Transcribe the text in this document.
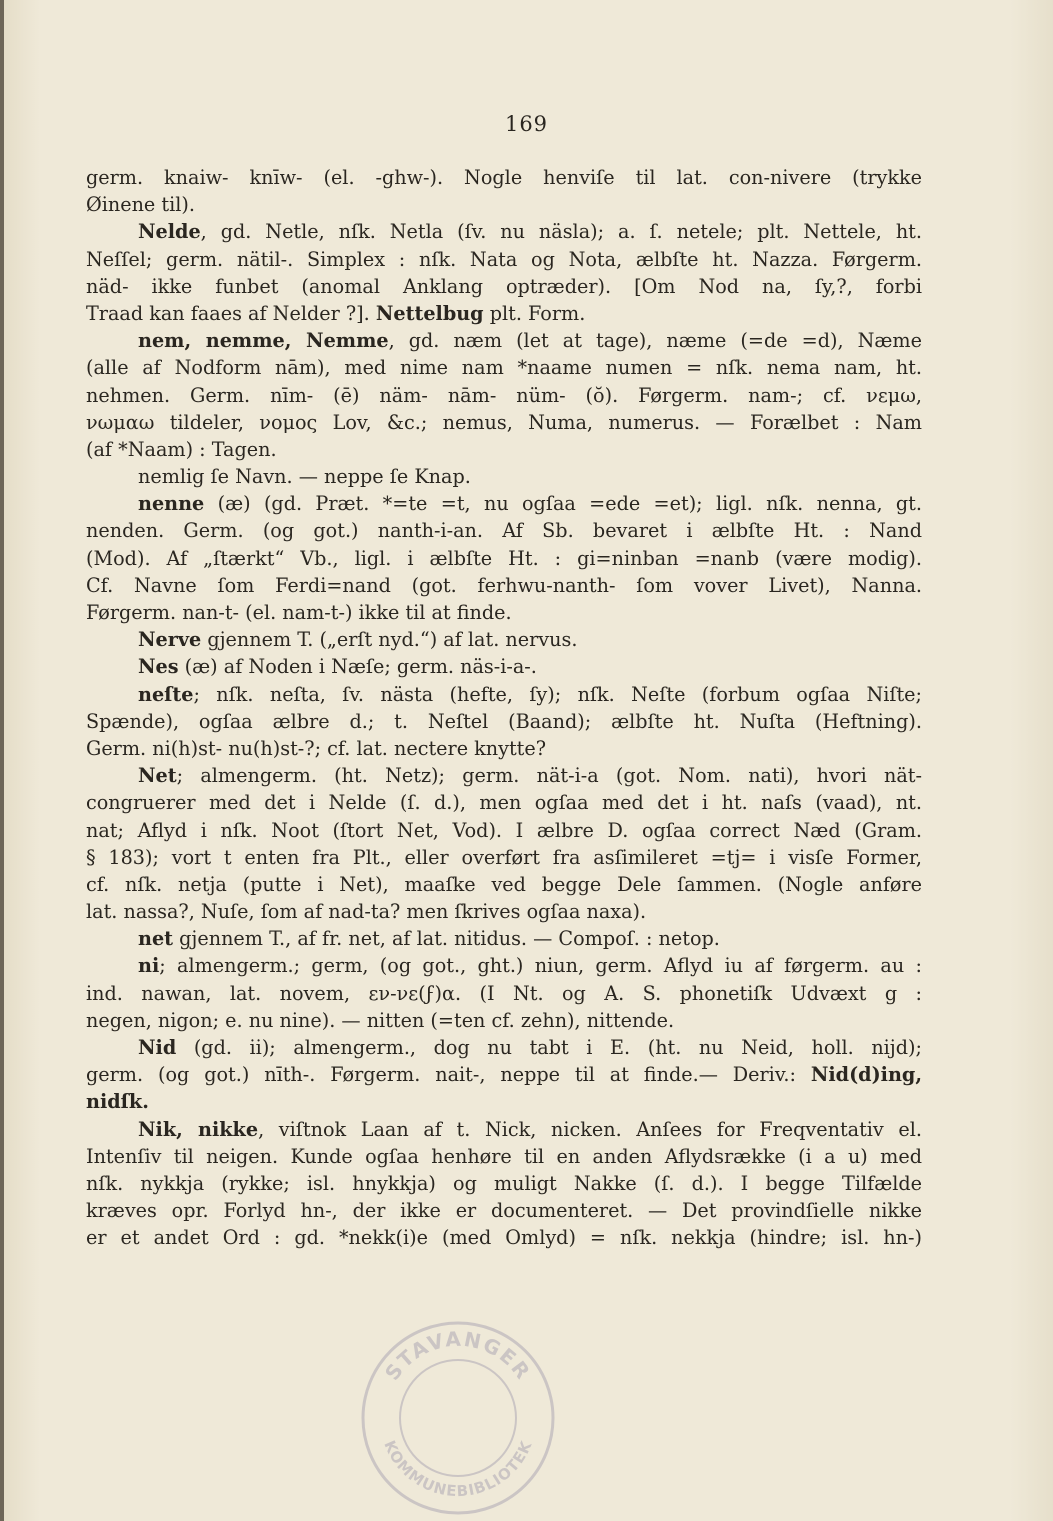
169
germ. knaiw- knīw- (el. -ghw-). Nogle henviſe til lat. con-nivere (trykke
Øinene til).
Nelde, gd. Netle, nſk. Netla (ſv. nu näsla); a. ſ. netele; plt. Nettele, ht.
Neſſel; germ. nätil-. Simplex : nſk. Nata og Nota, ælbſte ht. Nazza. Førgerm.
näd- ikke funbet (anomal Anklang optræder). [Om Nod na, ſy,?, forbi
Traad kan faaes af Nelder ?]. Nettelbug plt. Form.
nem, nemme, Nemme, gd. næm (let at tage), næme (=de =d), Næme
(alle af Nodform nām), med nime nam *naame numen = nſk. nema nam, ht.
nehmen. Germ. nīm- (ē) näm- nām- nüm- (ŏ). Førgerm. nam-; cf. νεμω,
νωμαω tildeler, νομος Lov, &c.; nemus, Numa, numerus. — Forælbet : Nam
(af *Naam) : Tagen.
nemlig ſe Navn. — neppe ſe Knap.
nenne (æ) (gd. Præt. *=te =t, nu ogſaa =ede =et); ligl. nſk. nenna, gt.
nenden. Germ. (og got.) nanth-i-an. Af Sb. bevaret i ælbſte Ht. : Nand
(Mod). Af „ſtærkt“ Vb., ligl. i ælbſte Ht. : gi=ninban =nanb (være modig).
Cf. Navne ſom Ferdi=nand (got. ferhwu-nanth- ſom vover Livet), Nanna.
Førgerm. nan-t- (el. nam-t-) ikke til at finde.
Nerve gjennem T. („erſt nyd.“) af lat. nervus.
Nes (æ) af Noden i Næſe; germ. näs-i-a-.
neſte; nſk. neſta, ſv. nästa (hefte, ſy); nſk. Neſte (forbum ogſaa Niſte;
Spænde), ogſaa ælbre d.; t. Neſtel (Baand); ælbſte ht. Nuſta (Heftning).
Germ. ni(h)st- nu(h)st-?; cf. lat. nectere knytte?
Net; almengerm. (ht. Netz); germ. nät-i-a (got. Nom. nati), hvori nät-
congruerer med det i Nelde (ſ. d.), men ogſaa med det i ht. naſs (vaad), nt.
nat; Aflyd i nſk. Noot (ſtort Net, Vod). I ælbre D. ogſaa correct Næd (Gram.
§ 183); vort t enten fra Plt., eller overført fra asſimileret =tj= i visſe Former,
cf. nſk. netja (putte i Net), maaſke ved begge Dele ſammen. (Nogle anføre
lat. nassa?, Nuſe, ſom af nad-ta? men ſkrives ogſaa naxa).
net gjennem T., af fr. net, af lat. nitidus. — Compoſ. : netop.
ni; almengerm.; germ, (og got., ght.) niun, germ. Aflyd iu af førgerm. au :
ind. nawan, lat. novem, εν-νε(ϝ)α. (I Nt. og A. S. phonetiſk Udvæxt g :
negen, nigon; e. nu nine). — nitten (=ten cf. zehn), nittende.
Nid (gd. ii); almengerm., dog nu tabt i E. (ht. nu Neid, holl. nijd);
germ. (og got.) nīth-. Førgerm. nait-, neppe til at finde.— Deriv.: Nid(d)ing,
nidſk.
Nik, nikke, viſtnok Laan af t. Nick, nicken. Anſees for Freqventativ el.
Intenſiv til neigen. Kunde ogſaa henhøre til en anden Aflydsrække (i a u) med
nſk. nykkja (rykke; isl. hnykkja) og muligt Nakke (ſ. d.). I begge Tilfælde
kræves opr. Forlyd hn-, der ikke er documenteret. — Det provindſielle nikke
er et andet Ord : gd. *nekk(i)e (med Omlyd) = nſk. nekkja (hindre; isl. hn-)
STAVANGER
KOMMUNEBIBLIOTEK
